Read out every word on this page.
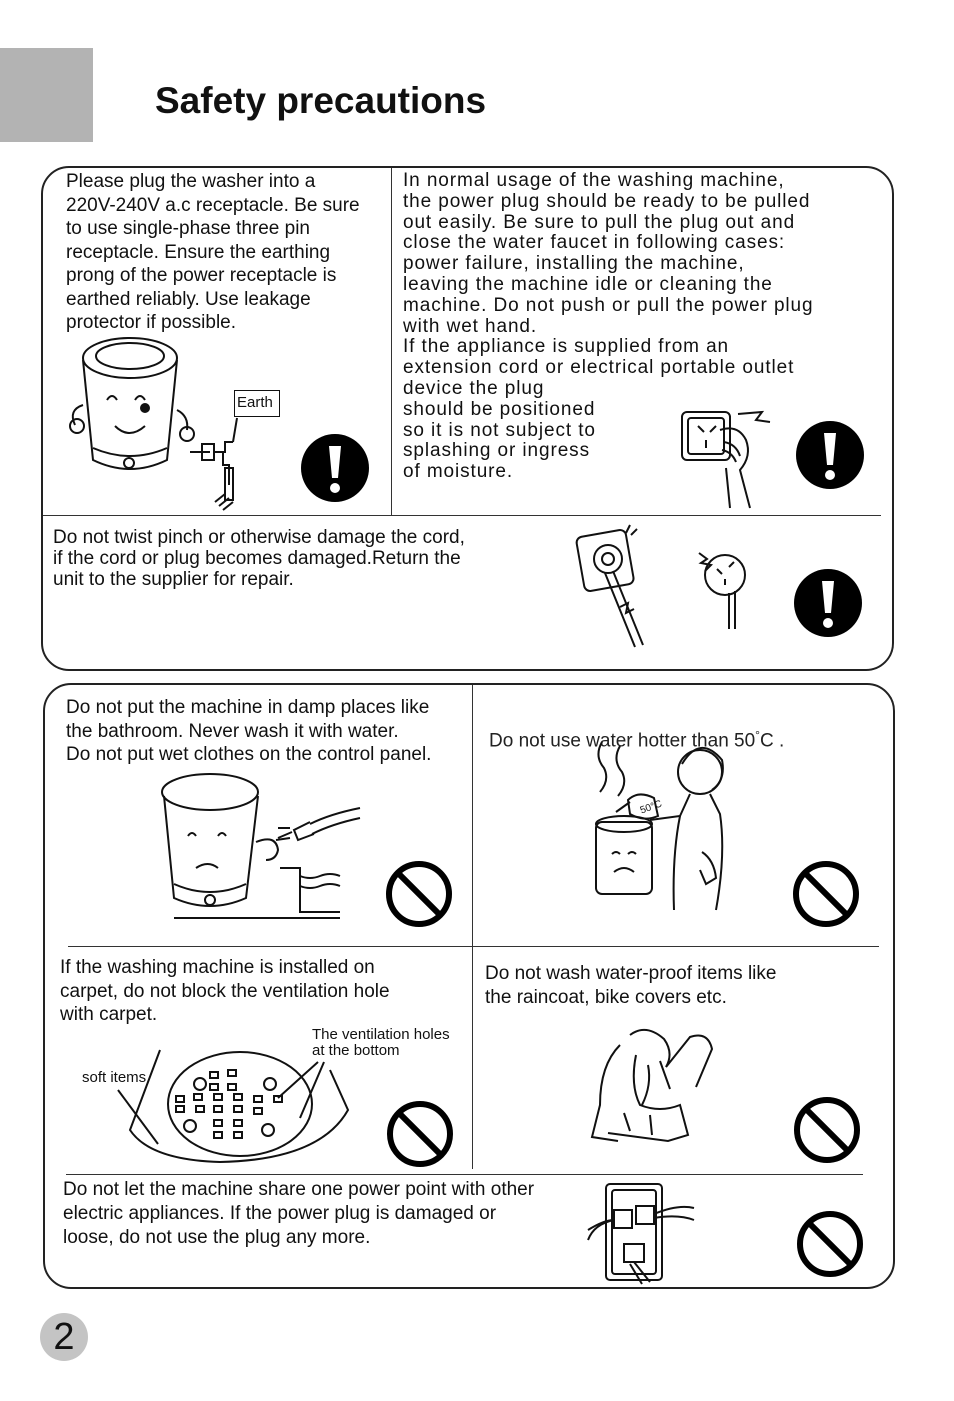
Safety precautions
Please plug the washer into a
220V-240V a.c receptacle. Be sure
to use single-phase three pin
receptacle. Ensure the earthing
prong of the power receptacle is
earthed reliably. Use leakage
protector if possible.
Earth
In normal usage of the washing machine,
the power plug should be ready to be pulled
out easily. Be sure to pull the plug out and
close the water faucet in following cases:
power failure, installing the machine,
leaving the machine idle or cleaning the
machine. Do not push or pull the power plug
with wet hand.
If the appliance is supplied from an
extension cord or electrical portable outlet
device the plug
should be positioned
so it is not subject to
splashing or ingress
of moisture.
Do not twist pinch or otherwise damage the cord,
if the cord or plug becomes damaged.Return the
unit to the supplier for repair.
Do not put the machine in damp places like
the bathroom. Never wash it with water.
Do not put wet clothes on the control panel.

Do not use water hotter than 50°C .

50°C
If the washing machine is installed on
carpet, do not block the ventilation hole
with carpet.
The ventilation holes
at the bottom
soft items
Do not wash water-proof items like
the raincoat, bike covers etc.
Do not let the machine share one power point with other
electric appliances. If the power plug is damaged or
loose, do not use the plug any more.
2
